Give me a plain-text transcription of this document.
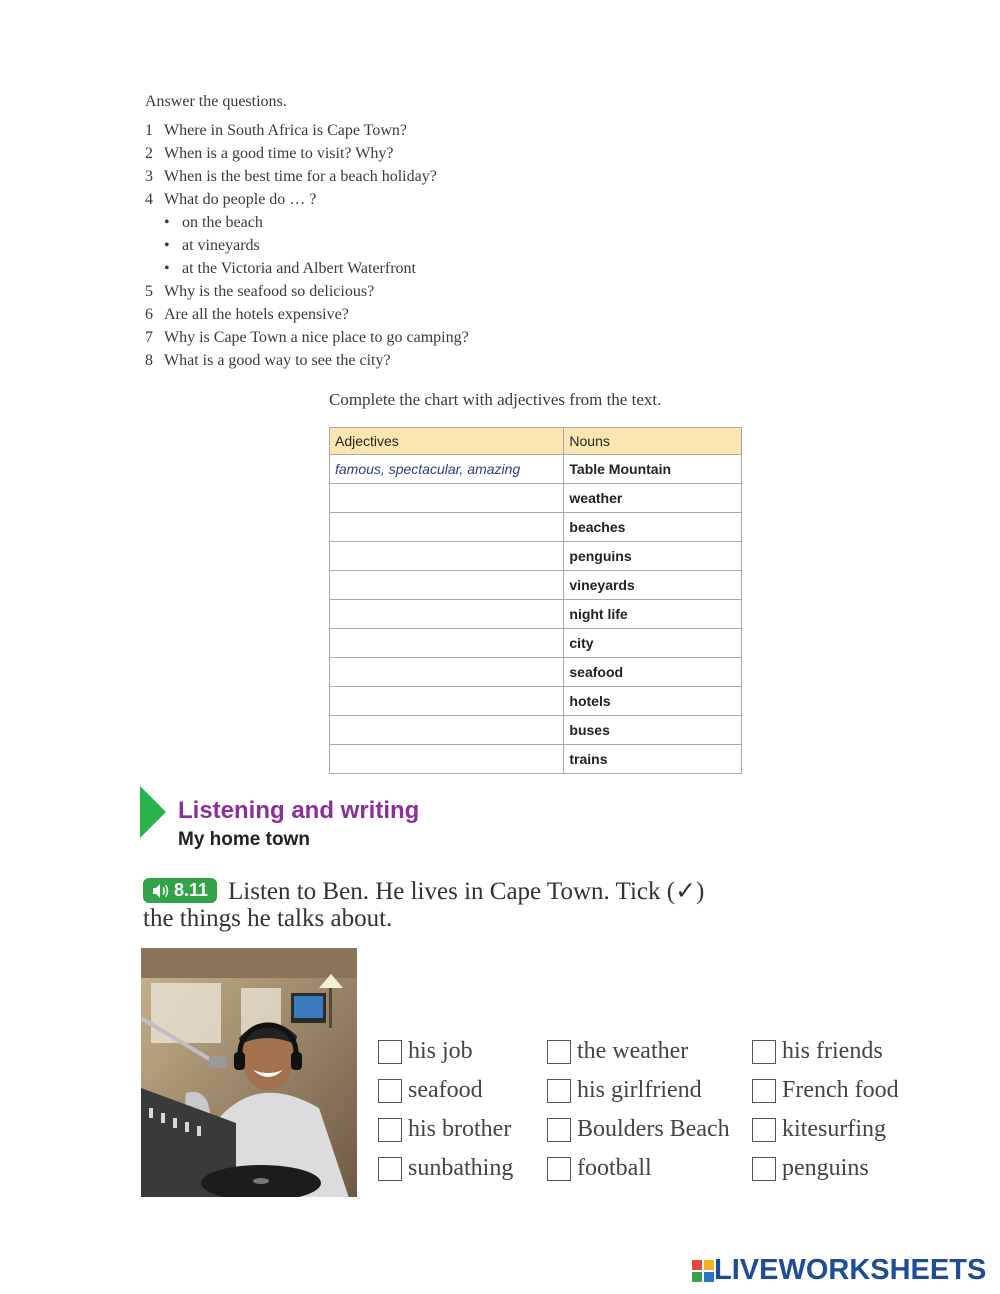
Answer the questions.
1 Where in South Africa is Cape Town?
2 When is a good time to visit? Why?
3 When is the best time for a beach holiday?
4 What do people do … ?
• on the beach
• at vineyards
• at the Victoria and Albert Waterfront
5 Why is the seafood so delicious?
6 Are all the hotels expensive?
7 Why is Cape Town a nice place to go camping?
8 What is a good way to see the city?
Complete the chart with adjectives from the text.
Adjectives	Nouns
famous, spectacular, amazing	Table Mountain
	weather
	beaches
	penguins
	vineyards
	night life
	city
	seafood
	hotels
	buses
	trains
Listening and writing
My home town
8.11 Listen to Ben. He lives in Cape Town. Tick (✓)
the things he talks about.
his job
seafood
his brother
sunbathing
the weather
his girlfriend
Boulders Beach
football
his friends
French food
kitesurfing
penguins
LIVEWORKSHEETS
